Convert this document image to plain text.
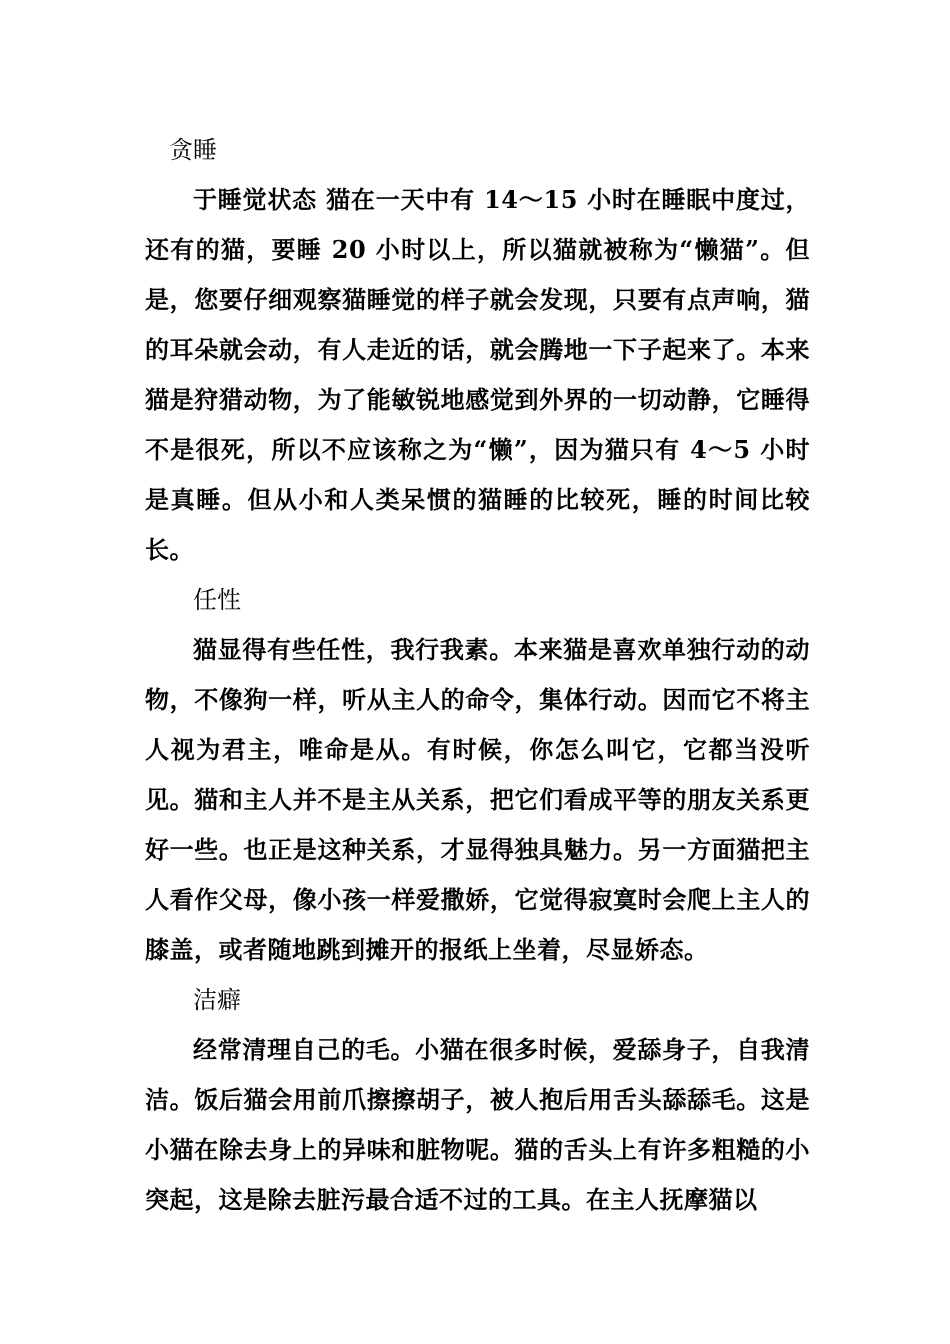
贪睡

于睡觉状态 猫在一天中有 14～15 小时在睡眠中度过，还有的猫，要睡 20 小时以上，所以猫就被称为“懒猫”。但是，您要仔细观察猫睡觉的样子就会发现，只要有点声响，猫的耳朵就会动，有人走近的话，就会腾地一下子起来了。本来猫是狩猎动物，为了能敏锐地感觉到外界的一切动静，它睡得不是很死，所以不应该称之为“懒”，因为猫只有 4～5 小时是真睡。但从小和人类呆惯的猫睡的比较死，睡的时间比较长。

任性

猫显得有些任性，我行我素。本来猫是喜欢单独行动的动物，不像狗一样，听从主人的命令，集体行动。因而它不将主人视为君主，唯命是从。有时候，你怎么叫它，它都当没听见。猫和主人并不是主从关系，把它们看成平等的朋友关系更好一些。也正是这种关系，才显得独具魅力。另一方面猫把主人看作父母，像小孩一样爱撒娇，它觉得寂寞时会爬上主人的膝盖，或者随地跳到摊开的报纸上坐着，尽显娇态。

洁癖

经常清理自己的毛。小猫在很多时候，爱舔身子，自我清洁。饭后猫会用前爪擦擦胡子，被人抱后用舌头舔舔毛。这是小猫在除去身上的异味和脏物呢。猫的舌头上有许多粗糙的小突起，这是除去脏污最合适不过的工具。在主人抚摩猫以
